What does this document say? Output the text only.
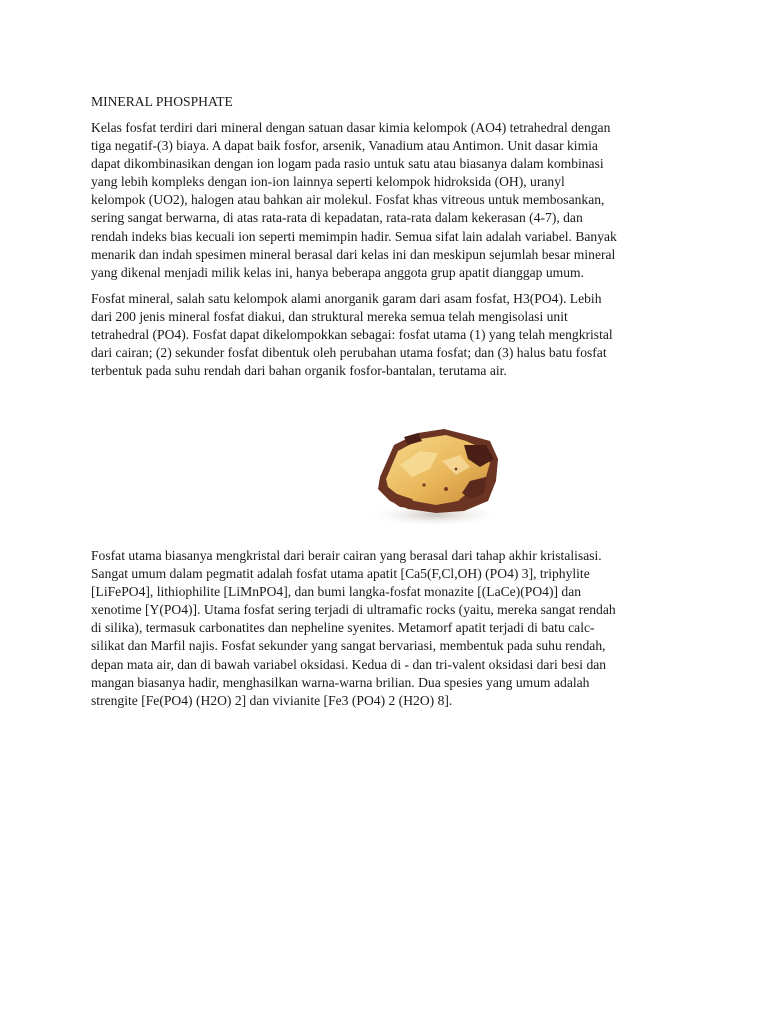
MINERAL PHOSPHATE
Kelas fosfat terdiri dari mineral dengan satuan dasar kimia kelompok (AO4) tetrahedral dengan
tiga negatif-(3) biaya. A dapat baik fosfor, arsenik, Vanadium atau Antimon. Unit dasar kimia
dapat dikombinasikan dengan ion logam pada rasio untuk satu atau biasanya dalam kombinasi
yang lebih kompleks dengan ion-ion lainnya seperti kelompok hidroksida (OH), uranyl
kelompok (UO2), halogen atau bahkan air molekul. Fosfat khas vitreous untuk membosankan,
sering sangat berwarna, di atas rata-rata di kepadatan, rata-rata dalam kekerasan (4-7), dan
rendah indeks bias kecuali ion seperti memimpin hadir. Semua sifat lain adalah variabel. Banyak
menarik dan indah spesimen mineral berasal dari kelas ini dan meskipun sejumlah besar mineral
yang dikenal menjadi milik kelas ini, hanya beberapa anggota grup apatit dianggap umum.
Fosfat mineral, salah satu kelompok alami anorganik garam dari asam fosfat, H3(PO4). Lebih
dari 200 jenis mineral fosfat diakui, dan struktural mereka semua telah mengisolasi unit
tetrahedral (PO4). Fosfat dapat dikelompokkan sebagai: fosfat utama (1) yang telah mengkristal
dari cairan; (2) sekunder fosfat dibentuk oleh perubahan utama fosfat; dan (3) halus batu fosfat
terbentuk pada suhu rendah dari bahan organik fosfor-bantalan, terutama air.
Fosfat utama biasanya mengkristal dari berair cairan yang berasal dari tahap akhir kristalisasi.
Sangat umum dalam pegmatit adalah fosfat utama apatit [Ca5(F,Cl,OH) (PO4) 3], triphylite
[LiFePO4], lithiophilite [LiMnPO4], dan bumi langka-fosfat monazite [(LaCe)(PO4)] dan
xenotime [Y(PO4)]. Utama fosfat sering terjadi di ultramafic rocks (yaitu, mereka sangat rendah
di silika), termasuk carbonatites dan nepheline syenites. Metamorf apatit terjadi di batu calc-
silikat dan Marfil najis. Fosfat sekunder yang sangat bervariasi, membentuk pada suhu rendah,
depan mata air, dan di bawah variabel oksidasi. Kedua di - dan tri-valent oksidasi dari besi dan
mangan biasanya hadir, menghasilkan warna-warna brilian. Dua spesies yang umum adalah
strengite [Fe(PO4) (H2O) 2] dan vivianite [Fe3 (PO4) 2 (H2O) 8].
